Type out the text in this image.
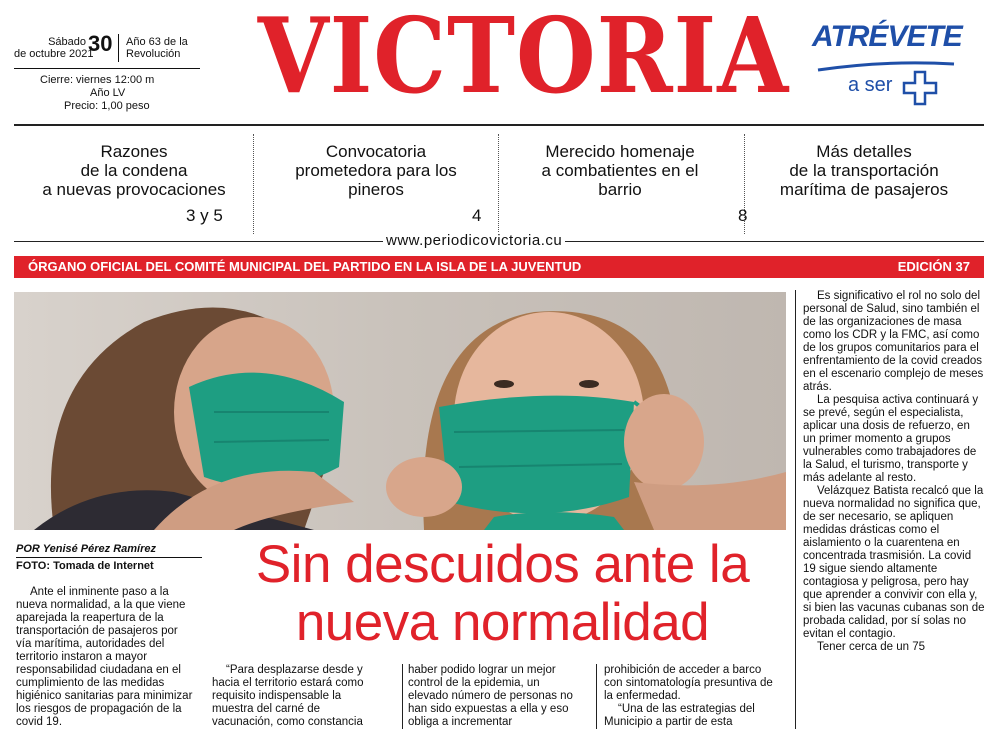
Sábado 30
de octubre 2021
Año 63 de la
Revolución
Cierre: viernes 12:00 m
Año LV
Precio: 1,00 peso	VICTORIA ATRÉVETE
a ser
Razones
de la condena
a nuevas provocaciones
3 y 5
Convocatoria
prometedora para los
pineros
4
Merecido homenaje
a combatientes en el
barrio
8
Más detalles
de la transportación
marítima de pasajeros
www.periodicovictoria.cu
ÓRGANO OFICIAL DEL COMITÉ MUNICIPAL DEL PARTIDO EN LA ISLA DE LA JUVENTUD	EDICIÓN 37
POR Yenisé Pérez Ramírez
FOTO: Tomada de Internet	Sin descuidos ante la
nueva normalidad

Ante el inminente paso a la nueva normalidad, a la que viene aparejada la reapertura de la transportación de pasajeros por vía marítima, autoridades del territorio instaron a mayor responsabilidad ciudadana en el cumplimiento de las medidas higiénico sanitarias para minimizar los riesgos de propagación de la covid 19.

“Para desplazarse desde y hacia el territorio estará como requisito indispensable la muestra del carné de vacunación, como constancia

haber podido lograr un mejor control de la epidemia, un elevado número de personas no han sido expuestas a ella y eso obliga a incrementar

prohibición de acceder a barco con sintomatología presuntiva de la enfermedad.

“Una de las estrategias del Municipio a partir de esta

Es significativo el rol no solo del personal de Salud, sino también el de las organizaciones de masa como los CDR y la FMC, así como de los grupos comunitarios para el enfrentamiento de la covid creados en el escenario complejo de meses atrás.

La pesquisa activa continuará y se prevé, según el especialista, aplicar una dosis de refuerzo, en un primer momento a grupos vulnerables como trabajadores de la Salud, el turismo, transporte y más adelante al resto.

Velázquez Batista recalcó que la nueva normalidad no significa que, de ser necesario, se apliquen medidas drásticas como el aislamiento o la cuarentena en concentrada trasmisión. La covid 19 sigue siendo altamente contagiosa y peligrosa, pero hay que aprender a convivir con ella y, si bien las vacunas cubanas son de probada calidad, por sí solas no evitan el contagio.

Tener cerca de un 75
